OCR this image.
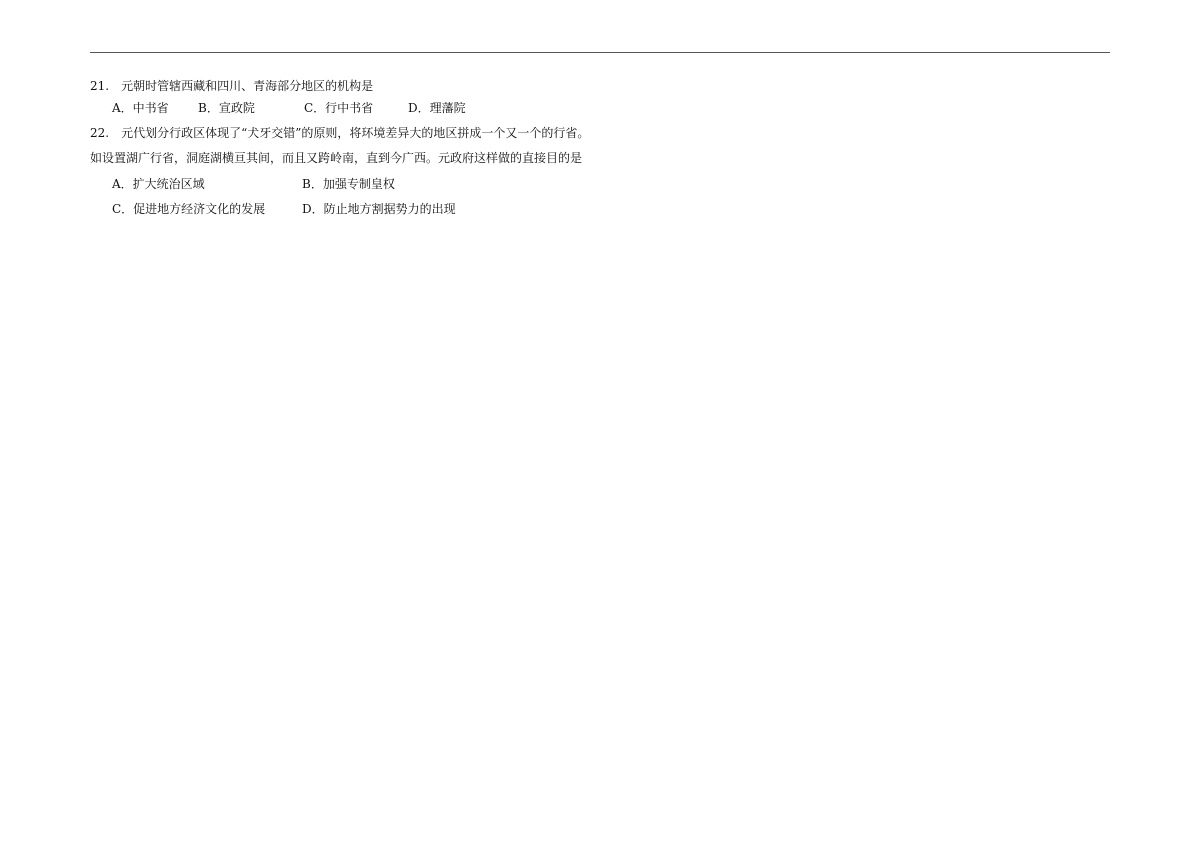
21.　元朝时管辖西藏和四川、青海部分地区的机构是
A．中书省 B．宣政院	C．行中书省	D．理藩院
22.　元代划分行政区体现了“犬牙交错”的原则，将环境差异大的地区拼成一个又一个的行省。
如设置湖广行省，洞庭湖横亘其间，而且又跨岭南，直到今广西。元政府这样做的直接目的是
A．扩大统治区域	B．加强专制皇权
C．促进地方经济文化的发展	D．防止地方割据势力的出现
